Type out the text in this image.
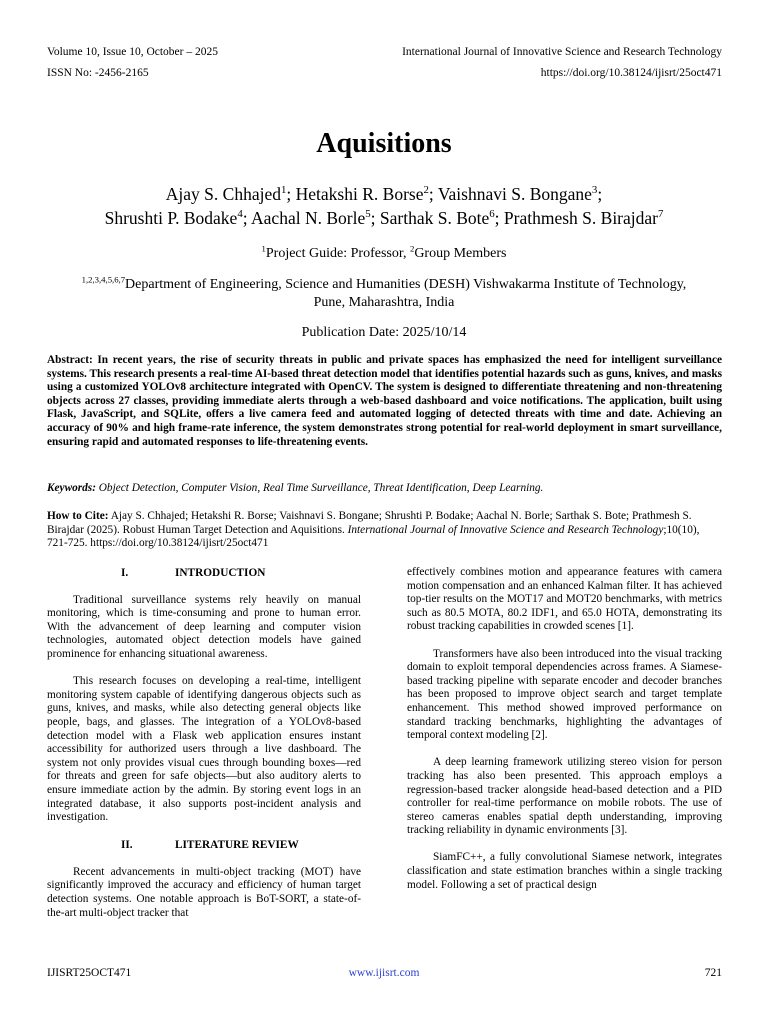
Volume 10, Issue 10, October – 2025	International Journal of Innovative Science and Research Technology
ISSN No: -2456-2165	https://doi.org/10.38124/ijisrt/25oct471
Aquisitions
Ajay S. Chhajed$^1$; Hetakshi R. Borse$^2$; Vaishnavi S. Bongane$^3$;
Shrushti P. Bodake$^4$; Aachal N. Borle$^5$; Sarthak S. Bote$^6$; Prathmesh S. Birajdar$^7$
$^1$Project Guide: Professor, $^2$Group Members
$^{1,2,3,4,5,6,7}$Department of Engineering, Science and Humanities (DESH) Vishwakarma Institute of Technology,
Pune, Maharashtra, India
Publication Date: 2025/10/14
Abstract: In recent years, the rise of security threats in public and private spaces has emphasized the need for intelligent surveillance systems. This research presents a real-time AI-based threat detection model that identifies potential hazards such as guns, knives, and masks using a customized YOLOv8 architecture integrated with OpenCV. The system is designed to differentiate threatening and non-threatening objects across 27 classes, providing immediate alerts through a web-based dashboard and voice notifications. The application, built using Flask, JavaScript, and SQLite, offers a live camera feed and automated logging of detected threats with time and date. Achieving an accuracy of 90% and high frame-rate inference, the system demonstrates strong potential for real-world deployment in smart surveillance, ensuring rapid and automated responses to life-threatening events.
Keywords: Object Detection, Computer Vision, Real Time Surveillance, Threat Identification, Deep Learning.
How to Cite: Ajay S. Chhajed; Hetakshi R. Borse; Vaishnavi S. Bongane; Shrushti P. Bodake; Aachal N. Borle; Sarthak S. Bote; Prathmesh S. Birajdar (2025). Robust Human Target Detection and Aquisitions. International Journal of Innovative Science and Research Technology;10(10), 721-725. https://doi.org/10.38124/ijisrt/25oct471
I.	INTRODUCTION

Traditional surveillance systems rely heavily on manual monitoring, which is time-consuming and prone to human error. With the advancement of deep learning and computer vision technologies, automated object detection models have gained prominence for enhancing situational awareness.

This research focuses on developing a real-time, intelligent monitoring system capable of identifying dangerous objects such as guns, knives, and masks, while also detecting general objects like people, bags, and glasses. The integration of a YOLOv8-based detection model with a Flask web application ensures instant accessibility for authorized users through a live dashboard. The system not only provides visual cues through bounding boxes—red for threats and green for safe objects—but also auditory alerts to ensure immediate action by the admin. By storing event logs in an integrated database, it also supports post-incident analysis and investigation.

II.	LITERATURE REVIEW

Recent advancements in multi-object tracking (MOT) have significantly improved the accuracy and efficiency of human target detection systems. One notable approach is BoT-SORT, a state-of-the-art multi-object tracker that

effectively combines motion and appearance features with camera motion compensation and an enhanced Kalman filter. It has achieved top-tier results on the MOT17 and MOT20 benchmarks, with metrics such as 80.5 MOTA, 80.2 IDF1, and 65.0 HOTA, demonstrating its robust tracking capabilities in crowded scenes [1].

Transformers have also been introduced into the visual tracking domain to exploit temporal dependencies across frames. A Siamese-based tracking pipeline with separate encoder and decoder branches has been proposed to improve object search and target template enhancement. This method showed improved performance on standard tracking benchmarks, highlighting the advantages of temporal context modeling [2].

A deep learning framework utilizing stereo vision for person tracking has also been presented. This approach employs a regression-based tracker alongside head-based detection and a PID controller for real-time performance on mobile robots. The use of stereo cameras enables spatial depth understanding, improving tracking reliability in dynamic environments [3].

SiamFC++, a fully convolutional Siamese network, integrates classification and state estimation branches within a single tracking model. Following a set of practical design

IJISRT25OCT471	www.ijisrt.com	721
